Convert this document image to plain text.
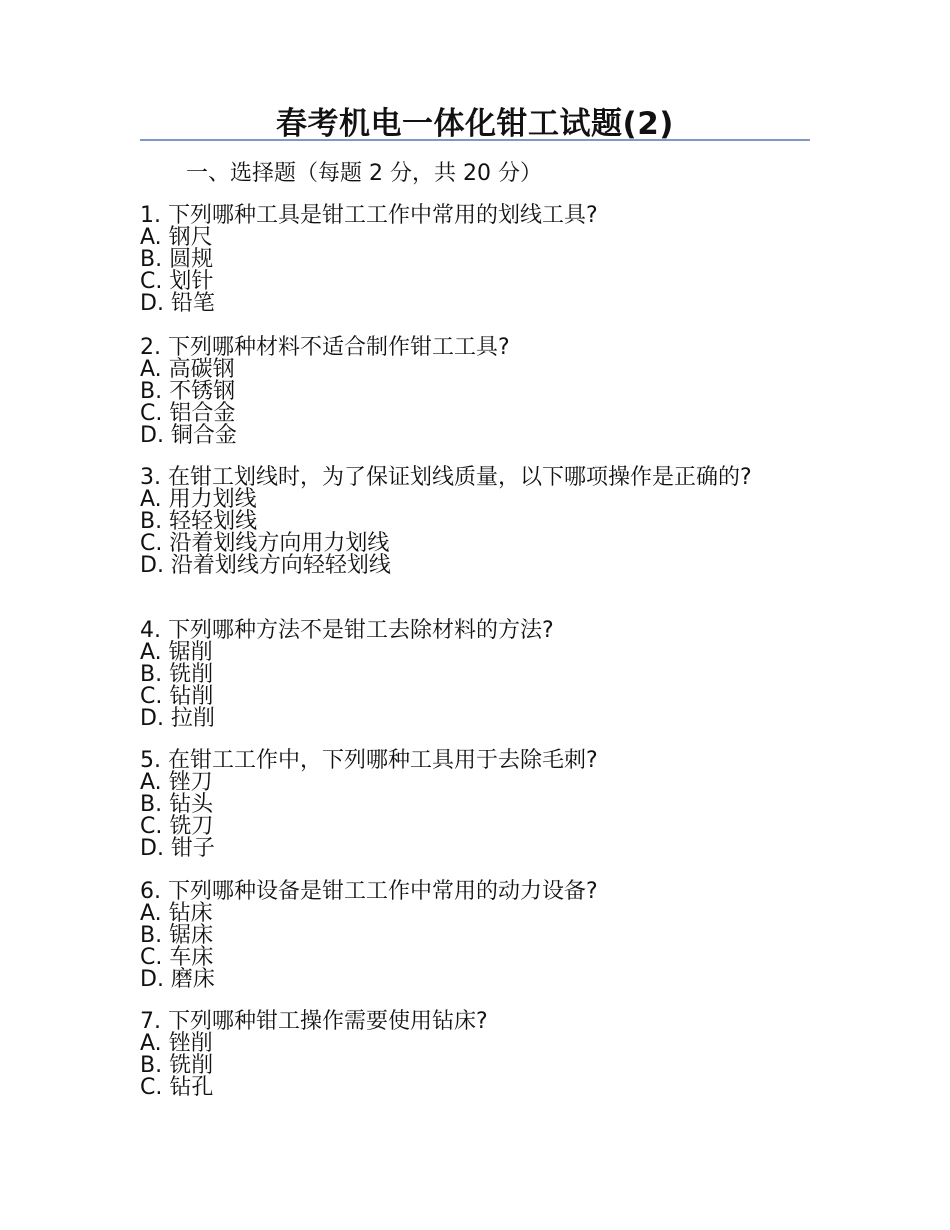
春考机电一体化钳工试题(2)
一、选择题（每题 2 分，共 20 分）

1. 下列哪种工具是钳工工作中常用的划线工具?

A. 钢尺

B. 圆规

C. 划针

D. 铅笔

2. 下列哪种材料不适合制作钳工工具?

A. 高碳钢

B. 不锈钢

C. 铝合金

D. 铜合金

3. 在钳工划线时，为了保证划线质量，以下哪项操作是正确的?

A. 用力划线

B. 轻轻划线

C. 沿着划线方向用力划线

D. 沿着划线方向轻轻划线

4. 下列哪种方法不是钳工去除材料的方法?

A. 锯削

B. 铣削

C. 钻削

D. 拉削

5. 在钳工工作中，下列哪种工具用于去除毛刺?

A. 锉刀

B. 钻头

C. 铣刀

D. 钳子

6. 下列哪种设备是钳工工作中常用的动力设备?

A. 钻床

B. 锯床

C. 车床

D. 磨床

7. 下列哪种钳工操作需要使用钻床?

A. 锉削

B. 铣削

C. 钻孔
